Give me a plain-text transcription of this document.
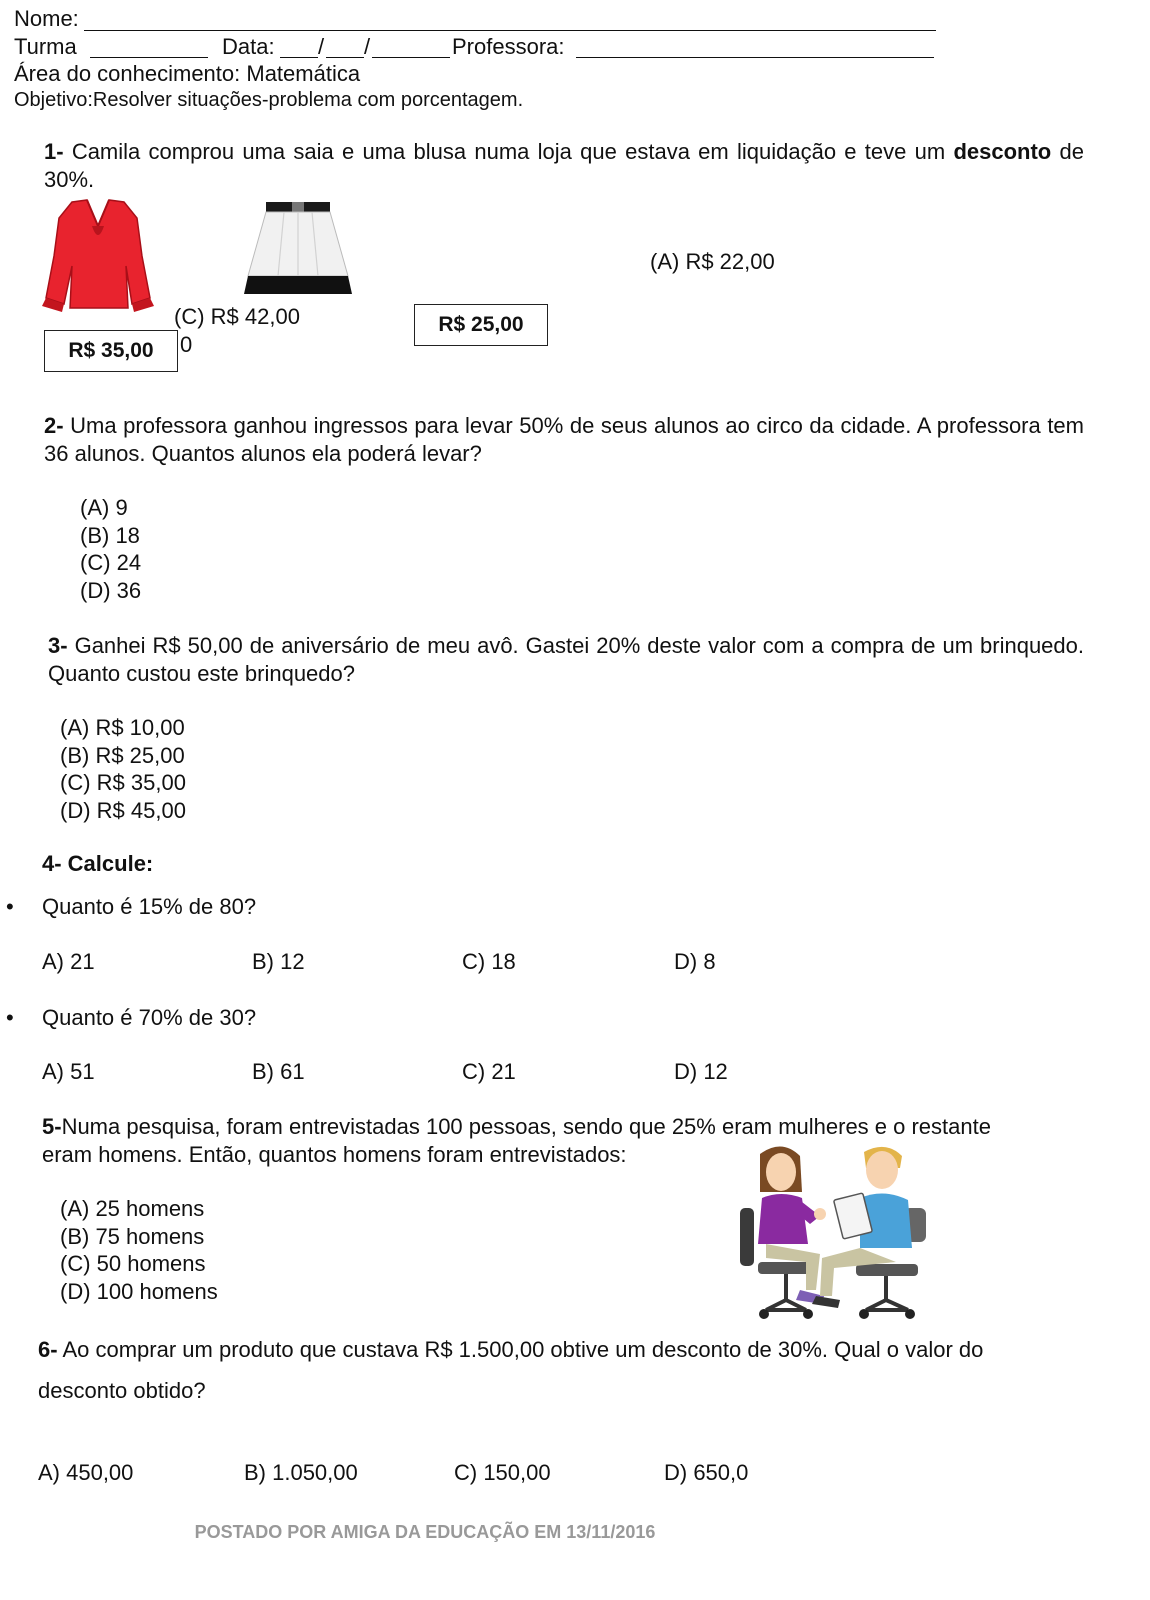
Nome:
Turma	Data: / /	Professora:
Área do conhecimento: Matemática
Objetivo:Resolver situações-problema com porcentagem.
1- Camila comprou uma saia e uma blusa numa loja que estava em liquidação e teve um desconto de 30%.
(A) R$ 22,00
(C) R$ 42,00
0
R$ 35,00
R$ 25,00
2- Uma professora ganhou ingressos para levar 50% de seus alunos ao circo da cidade. A professora tem 36 alunos. Quantos alunos ela poderá levar?
(A) 9
(B) 18
(C) 24
(D) 36
3- Ganhei R$ 50,00 de aniversário de meu avô. Gastei 20% deste valor com a compra de um brinquedo. Quanto custou este brinquedo?
(A) R$ 10,00
(B) R$ 25,00
(C) R$ 35,00
(D) R$ 45,00
4- Calcule:
• Quanto é 15% de 80?
A) 21	B) 12	C) 18	D) 8
• Quanto é 70% de 30?
A) 51	B) 61	C) 21	D) 12
5-Numa pesquisa, foram entrevistadas 100 pessoas, sendo que 25% eram mulheres e o restante
eram homens. Então, quantos homens foram entrevistados:
(A) 25 homens
(B) 75 homens
(C) 50 homens
(D) 100 homens
6- Ao comprar um produto que custava R$ 1.500,00 obtive um desconto de 30%. Qual o valor do
desconto obtido?
A) 450,00	B) 1.050,00	C) 150,00	D) 650,0
POSTADO POR AMIGA DA EDUCAÇÃO EM 13/11/2016
